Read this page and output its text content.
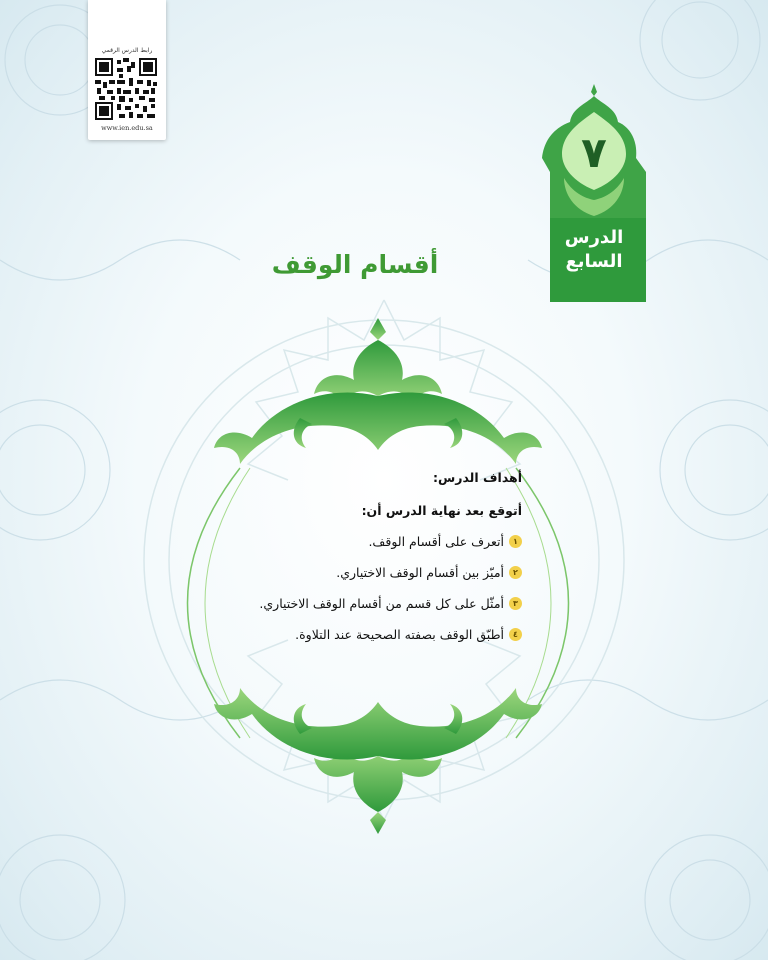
رابط الدرس الرقمي
www.ien.edu.sa	٧
الدرس
السابع
أقسام الوقف
أهداف الدرس:
أتوقع بعد نهاية الدرس أن:
١
أتعرف على أقسام الوقف.
٢
أميّز بين أقسام الوقف الاختياري.
٣
أمثّل على كل قسم من أقسام الوقف الاختياري.
٤
أطبّق الوقف بصفته الصحيحة عند التلاوة.
